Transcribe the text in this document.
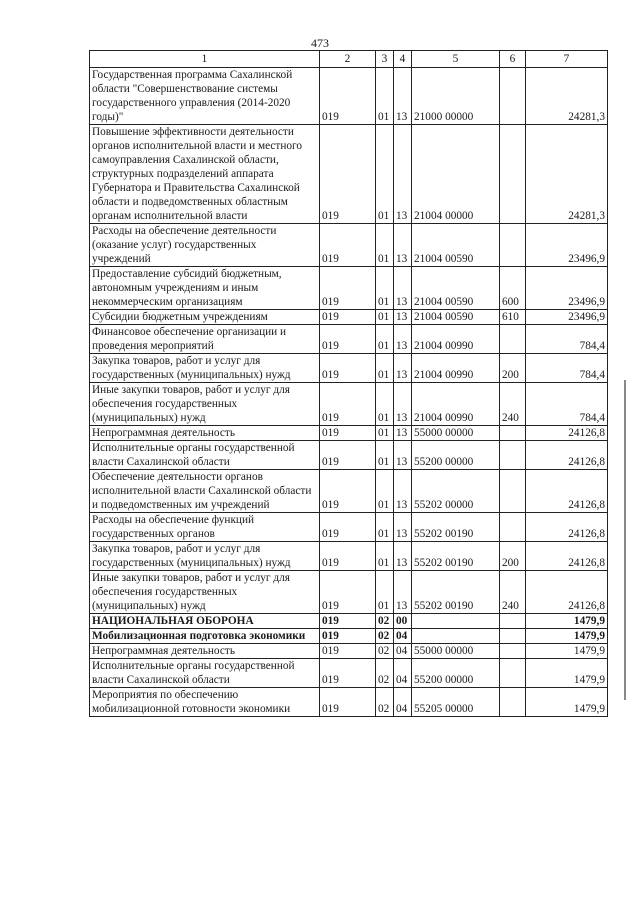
473
1	2	3	4	5	6	7
Государственная программа Сахалинской области "Совершенствование системы государственного управления (2014-2020 годы)"	019	01	13	21000 00000		24281,3
Повышение эффективности деятельности органов исполнительной власти и местного самоуправления Сахалинской области, структурных подразделений аппарата Губернатора и Правительства Сахалинской области и подведомственных областным органам исполнительной власти	019	01	13	21004 00000		24281,3
Расходы на обеспечение деятельности (оказание услуг) государственных учреждений	019	01	13	21004 00590		23496,9
Предоставление субсидий бюджетным, автономным учреждениям и иным некоммерческим организациям	019	01	13	21004 00590	600	23496,9
Субсидии бюджетным учреждениям	019	01	13	21004 00590	610	23496,9
Финансовое обеспечение организации и проведения мероприятий	019	01	13	21004 00990		784,4
Закупка товаров, работ и услуг для государственных (муниципальных) нужд	019	01	13	21004 00990	200	784,4
Иные закупки товаров, работ и услуг для обеспечения государственных (муниципальных) нужд	019	01	13	21004 00990	240	784,4
Непрограммная деятельность	019	01	13	55000 00000		24126,8
Исполнительные органы государственной власти Сахалинской области	019	01	13	55200 00000		24126,8
Обеспечение деятельности органов исполнительной власти Сахалинской области и подведомственных им учреждений	019	01	13	55202 00000		24126,8
Расходы на обеспечение функций государственных органов	019	01	13	55202 00190		24126,8
Закупка товаров, работ и услуг для государственных (муниципальных) нужд	019	01	13	55202 00190	200	24126,8
Иные закупки товаров, работ и услуг для обеспечения государственных (муниципальных) нужд	019	01	13	55202 00190	240	24126,8
НАЦИОНАЛЬНАЯ ОБОРОНА	019	02	00			1479,9
Мобилизационная подготовка экономики	019	02	04			1479,9
Непрограммная деятельность	019	02	04	55000 00000		1479,9
Исполнительные органы государственной власти Сахалинской области	019	02	04	55200 00000		1479,9
Мероприятия по обеспечению мобилизационной готовности экономики	019	02	04	55205 00000		1479,9
